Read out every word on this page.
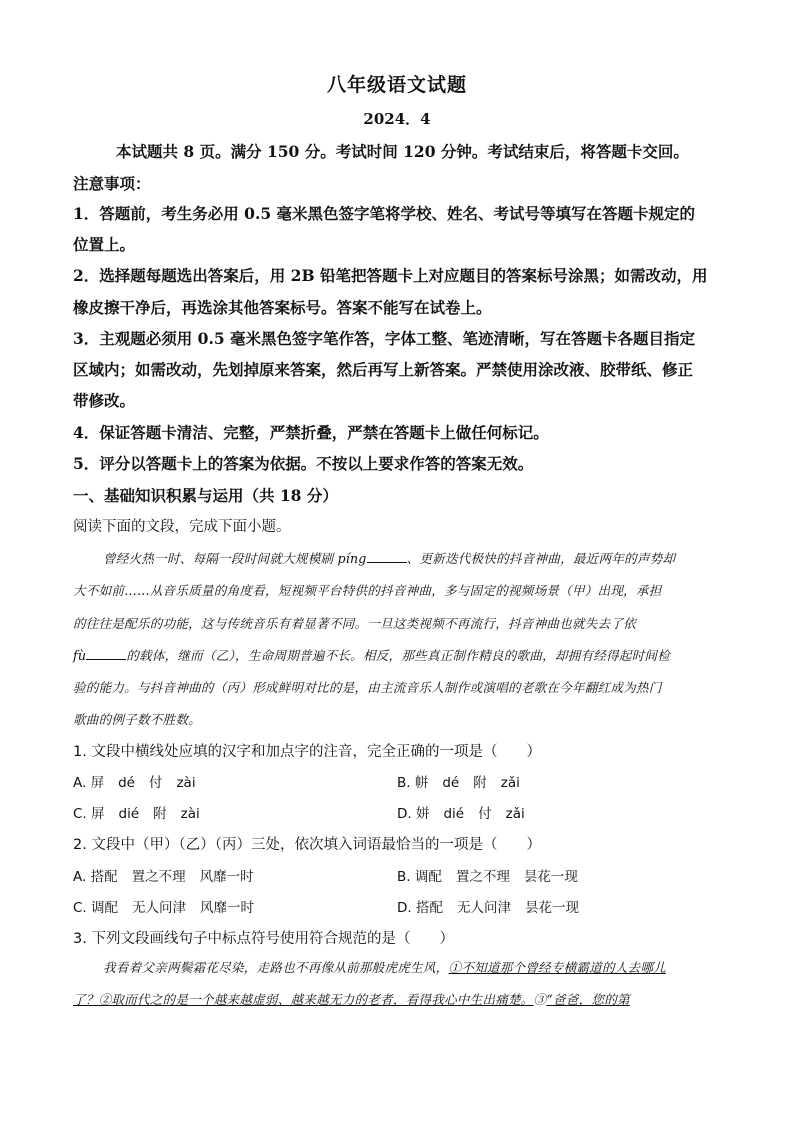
八年级语文试题
2024．4
本试题共 8 页。满分 150 分。考试时间 120 分钟。考试结束后，将答题卡交回。
注意事项：
1．答题前，考生务必用 0.5 毫米黑色签字笔将学校、姓名、考试号等填写在答题卡规定的
位置上。
2．选择题每题选出答案后，用 2B 铅笔把答题卡上对应题目的答案标号涂黑；如需改动，用
橡皮擦干净后，再选涂其他答案标号。答案不能写在试卷上。
3．主观题必须用 0.5 毫米黑色签字笔作答，字体工整、笔迹清晰，写在答题卡各题目指定
区域内；如需改动，先划掉原来答案，然后再写上新答案。严禁使用涂改液、胶带纸、修正
带修改。
4．保证答题卡清洁、完整，严禁折叠，严禁在答题卡上做任何标记。
5．评分以答题卡上的答案为依据。不按以上要求作答的答案无效。
一、基础知识积累与运用（共 18 分）
阅读下面的文段，完成下面小题。
曾经火热一时、每隔一段时间就大规模刷 píng	、更新迭代极快的抖音神曲，最近两年的声势却
大不如前……从音乐质量的角度看，短视频平台特供的抖音神曲，多与固定的视频场景（甲）出现，承担
的往往是配乐的功能，这与传统音乐有着显著不同。一旦这类视频不再流行，抖音神曲也就失去了依
fù	的载体，继而（乙），生命周期普遍不长。相反，那些真正制作精良的歌曲，却拥有经得起时间检
验的能力。与抖音神曲的（丙）形成鲜明对比的是，由主流音乐人制作或演唱的老歌在今年翻红成为热门
歌曲的例子数不胜数。
1. 文段中横线处应填的汉字和加点字的注音，完全正确的一项是（　　）
A. 屏 dé 付 zài	B. 帡 dé 附 zǎi
C. 屏 dié 附 zài	D. 姘 dié 付 zǎi
2. 文段中（甲）（乙）（丙）三处，依次填入词语最恰当的一项是（　　）
A. 搭配 置之不理 风靡一时	B. 调配 置之不理 昙花一现
C. 调配 无人问津 风靡一时	D. 搭配 无人问津 昙花一现
3. 下列文段画线句子中标点符号使用符合规范的是（　　）
我看着父亲两鬓霜花尽染，走路也不再像从前那般虎虎生风，①不知道那个曾经专横霸道的人去哪儿
了？②取而代之的是一个越来越虚弱、越来越无力的老者，看得我心中生出痛楚。③“爸爸，您的第
